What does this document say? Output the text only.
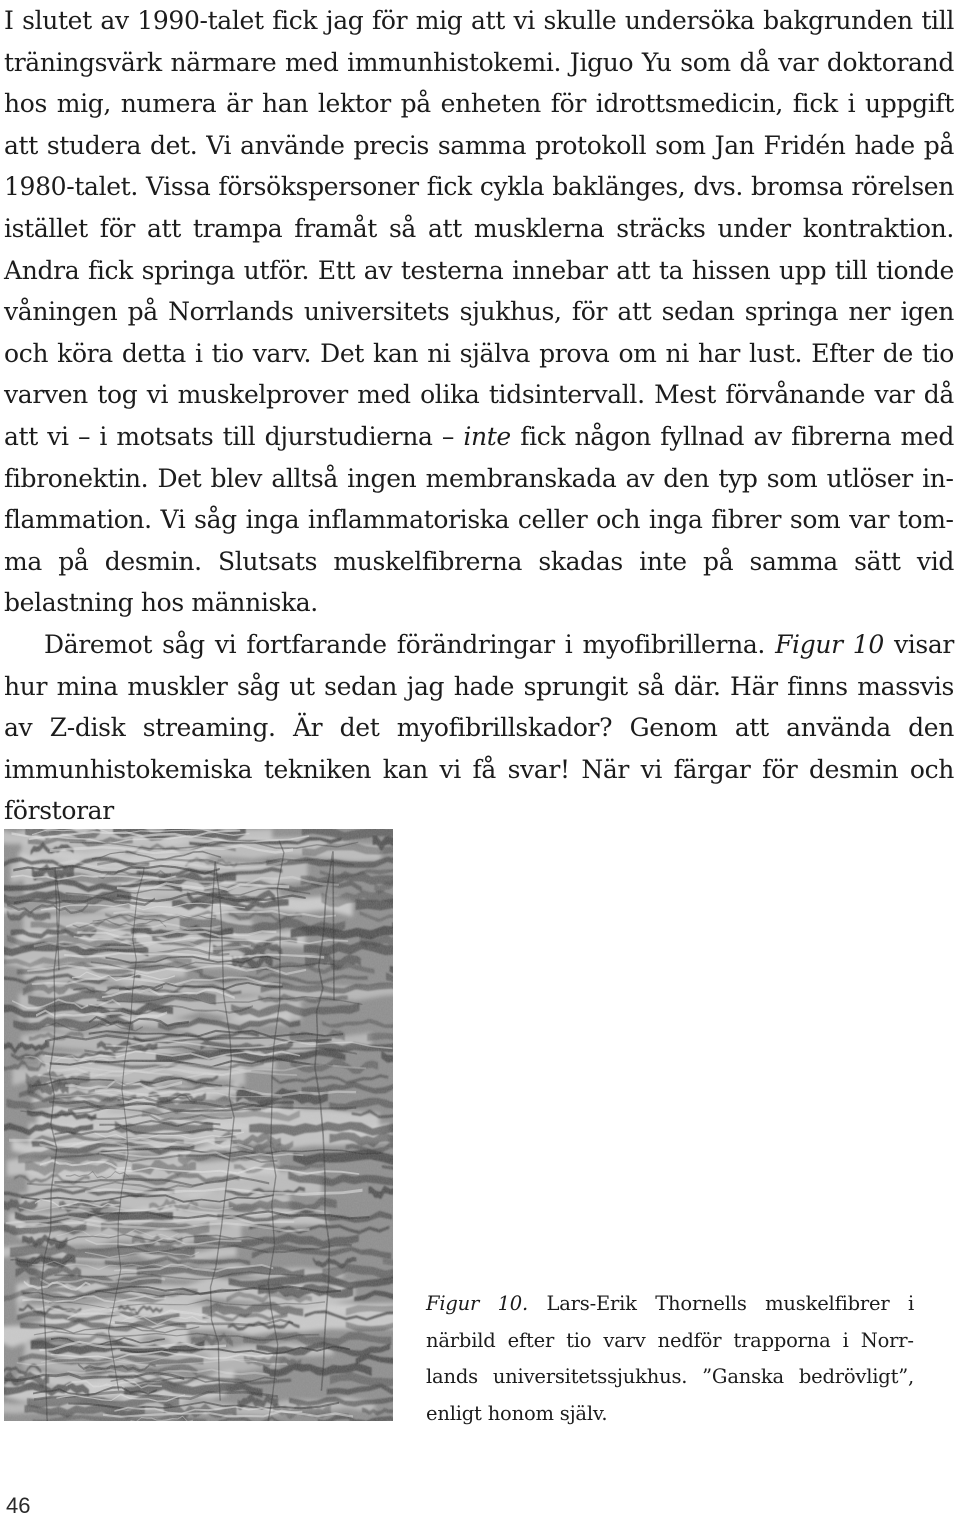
I slutet av 1990-talet fick jag för mig att vi skulle undersöka bakgrunden till träningsvärk närmare med immunhistokemi. Jiguo Yu som då var doktorand hos mig, numera är han lektor på enheten för idrottsmedicin, fick i uppgift att studera det. Vi använde precis samma protokoll som Jan Fridén hade på 1980-talet. Vissa försökspersoner fick cykla baklänges, dvs. bromsa rörelsen istället för att trampa framåt så att musklerna sträcks under kontraktion. Andra fick springa utför. Ett av testerna innebar att ta hissen upp till tionde våningen på Norrlands universitets sjukhus, för att sedan springa ner igen och köra detta i tio varv. Det kan ni själva prova om ni har lust. Efter de tio varven tog vi muskelprover med olika tidsintervall. Mest förvånande var då att vi – i motsats till djurstudierna – inte fick någon fyllnad av fibrerna med fibronektin. Det blev alltså ingen membranskada av den typ som utlöser inflammation. Vi såg inga inflammatoriska celler och inga fibrer som var tomma på desmin. Slutsats muskelfibrerna skadas inte på samma sätt vid belastning hos människa.

Däremot såg vi fortfarande förändringar i myofibrillerna. Figur 10 visar hur mina muskler såg ut sedan jag hade sprungit så där. Här finns massvis av Z-disk streaming. Är det myofibrillskador? Genom att använda den immunhistokemiska tekniken kan vi få svar! När vi färgar för desmin och förstorar

Figur 10. Lars-Erik Thornells muskelfibrer i närbild efter tio varv nedför trapporna i Norrlands universitetssjukhus. ”Ganska bedrövligt”, enligt honom själv.
46
